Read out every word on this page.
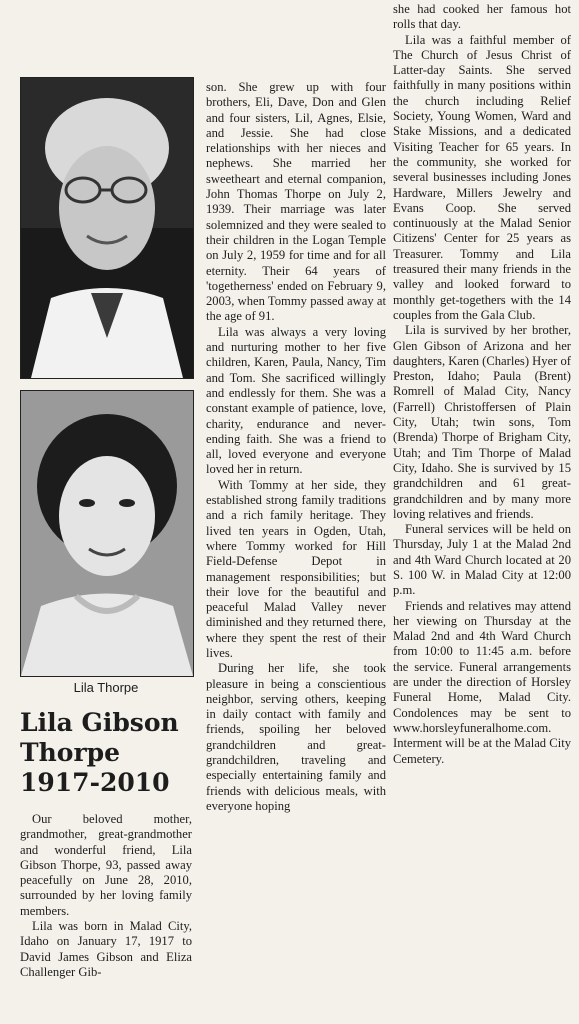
Lila Thorpe
Lila Gibson
Thorpe
1917-2010

Our beloved mother, grandmother, great-grandmother and wonderful friend, Lila Gibson Thorpe, 93, passed away peacefully on June 28, 2010, surrounded by her loving family members.

Lila was born in Malad City, Idaho on January 17, 1917 to David James Gibson and Eliza Challenger Gib-

son. She grew up with four brothers, Eli, Dave, Don and Glen and four sisters, Lil, Agnes, Elsie, and Jessie. She had close relationships with her nieces and nephews. She married her sweetheart and eternal companion, John Thomas Thorpe on July 2, 1939. Their marriage was later solemnized and they were sealed to their children in the Logan Temple on July 2, 1959 for time and for all eternity. Their 64 years of 'togetherness' ended on February 9, 2003, when Tommy passed away at the age of 91.

Lila was always a very loving and nurturing mother to her five children, Karen, Paula, Nancy, Tim and Tom. She sacrificed willingly and endlessly for them. She was a constant example of patience, love, charity, endurance and never-ending faith. She was a friend to all, loved everyone and everyone loved her in return.

With Tommy at her side, they established strong family traditions and a rich family heritage. They lived ten years in Ogden, Utah, where Tommy worked for Hill Field-Defense Depot in management responsibilities; but their love for the beautiful and peaceful Malad Valley never diminished and they returned there, where they spent the rest of their lives.

During her life, she took pleasure in being a conscientious neighbor, serving others, keeping in daily contact with family and friends, spoiling her beloved grandchildren and great-grandchildren, traveling and especially entertaining family and friends with delicious meals, with everyone hoping

she had cooked her famous hot rolls that day.

Lila was a faithful member of The Church of Jesus Christ of Latter-day Saints. She served faithfully in many positions within the church including Relief Society, Young Women, Ward and Stake Missions, and a dedicated Visiting Teacher for 65 years. In the community, she worked for several businesses including Jones Hardware, Millers Jewelry and Evans Coop. She served continuously at the Malad Senior Citizens' Center for 25 years as Treasurer. Tommy and Lila treasured their many friends in the valley and looked forward to monthly get-togethers with the 14 couples from the Gala Club.

Lila is survived by her brother, Glen Gibson of Arizona and her daughters, Karen (Charles) Hyer of Preston, Idaho; Paula (Brent) Romrell of Malad City, Nancy (Farrell) Christoffersen of Plain City, Utah; twin sons, Tom (Brenda) Thorpe of Brigham City, Utah; and Tim Thorpe of Malad City, Idaho. She is survived by 15 grandchildren and 61 great-grandchildren and by many more loving relatives and friends.

Funeral services will be held on Thursday, July 1 at the Malad 2nd and 4th Ward Church located at 20 S. 100 W. in Malad City at 12:00 p.m.

Friends and relatives may attend her viewing on Thursday at the Malad 2nd and 4th Ward Church from 10:00 to 11:45 a.m. before the service. Funeral arrangements are under the direction of Horsley Funeral Home, Malad City. Condolences may be sent to www.horsleyfuneralhome.com. Interment will be at the Malad City Cemetery.
